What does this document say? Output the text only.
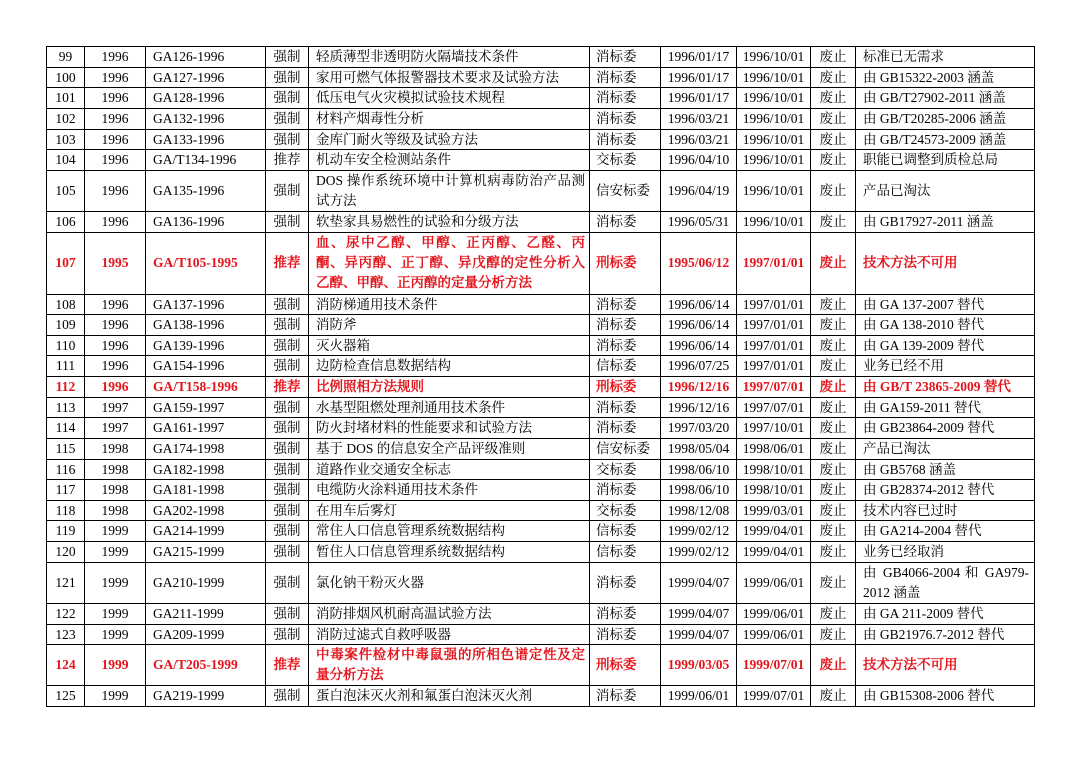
99	1996	GA126-1996	强制	轻质薄型非透明防火隔墙技术条件	消标委	1996/01/17	1996/10/01	废止	标准已无需求

100	1996	GA127-1996	强制	家用可燃气体报警器技术要求及试验方法	消标委	1996/01/17	1996/10/01	废止	由 GB15322-2003 涵盖

101	1996	GA128-1996	强制	低压电气火灾模拟试验技术规程	消标委	1996/01/17	1996/10/01	废止	由 GB/T27902-2011 涵盖

102	1996	GA132-1996	强制	材料产烟毒性分析	消标委	1996/03/21	1996/10/01	废止	由 GB/T20285-2006 涵盖

103	1996	GA133-1996	强制	金库门耐火等级及试验方法	消标委	1996/03/21	1996/10/01	废止	由 GB/T24573-2009 涵盖

104	1996	GA/T134-1996	推荐	机动车安全检测站条件	交标委	1996/04/10	1996/10/01	废止	职能已调整到质检总局

105	1996	GA135-1996	强制	DOS 操作系统环境中计算机病毒防治产品测试方法	信安标委	1996/04/19	1996/10/01	废止	产品已淘汰

106	1996	GA136-1996	强制	软垫家具易燃性的试验和分级方法	消标委	1996/05/31	1996/10/01	废止	由 GB17927-2011 涵盖

107	1995	GA/T105-1995	推荐	血、尿中乙醇、甲醇、正丙醇、乙醛、丙酮、异丙醇、正丁醇、异戊醇的定性分析入乙醇、甲醇、正丙醇的定量分析方法	刑标委	1995/06/12	1997/01/01	废止	技术方法不可用

108	1996	GA137-1996	强制	消防梯通用技术条件	消标委	1996/06/14	1997/01/01	废止	由 GA 137-2007 替代

109	1996	GA138-1996	强制	消防斧	消标委	1996/06/14	1997/01/01	废止	由 GA 138-2010 替代

110	1996	GA139-1996	强制	灭火器箱	消标委	1996/06/14	1997/01/01	废止	由 GA 139-2009 替代

111	1996	GA154-1996	强制	边防检查信息数据结构	信标委	1996/07/25	1997/01/01	废止	业务已经不用

112	1996	GA/T158-1996	推荐	比例照相方法规则	刑标委	1996/12/16	1997/07/01	废止	由 GB/T 23865-2009 替代

113	1997	GA159-1997	强制	水基型阻燃处理剂通用技术条件	消标委	1996/12/16	1997/07/01	废止	由 GA159-2011 替代

114	1997	GA161-1997	强制	防火封堵材料的性能要求和试验方法	消标委	1997/03/20	1997/10/01	废止	由 GB23864-2009 替代

115	1998	GA174-1998	强制	基于 DOS 的信息安全产品评级准则	信安标委	1998/05/04	1998/06/01	废止	产品已淘汰

116	1998	GA182-1998	强制	道路作业交通安全标志	交标委	1998/06/10	1998/10/01	废止	由 GB5768 涵盖

117	1998	GA181-1998	强制	电缆防火涂料通用技术条件	消标委	1998/06/10	1998/10/01	废止	由 GB28374-2012 替代

118	1998	GA202-1998	强制	在用车后雾灯	交标委	1998/12/08	1999/03/01	废止	技术内容已过时

119	1999	GA214-1999	强制	常住人口信息管理系统数据结构	信标委	1999/02/12	1999/04/01	废止	由 GA214-2004 替代

120	1999	GA215-1999	强制	暂住人口信息管理系统数据结构	信标委	1999/02/12	1999/04/01	废止	业务已经取消

121	1999	GA210-1999	强制	氯化钠干粉灭火器	消标委	1999/04/07	1999/06/01	废止	由 GB4066-2004 和 GA979-2012 涵盖

122	1999	GA211-1999	强制	消防排烟风机耐高温试验方法	消标委	1999/04/07	1999/06/01	废止	由 GA 211-2009 替代

123	1999	GA209-1999	强制	消防过滤式自救呼吸器	消标委	1999/04/07	1999/06/01	废止	由 GB21976.7-2012 替代

124	1999	GA/T205-1999	推荐	中毒案件检材中毒鼠强的所相色谱定性及定量分析方法	刑标委	1999/03/05	1999/07/01	废止	技术方法不可用

125	1999	GA219-1999	强制	蛋白泡沫灭火剂和氟蛋白泡沫灭火剂	消标委	1999/06/01	1999/07/01	废止	由 GB15308-2006 替代
